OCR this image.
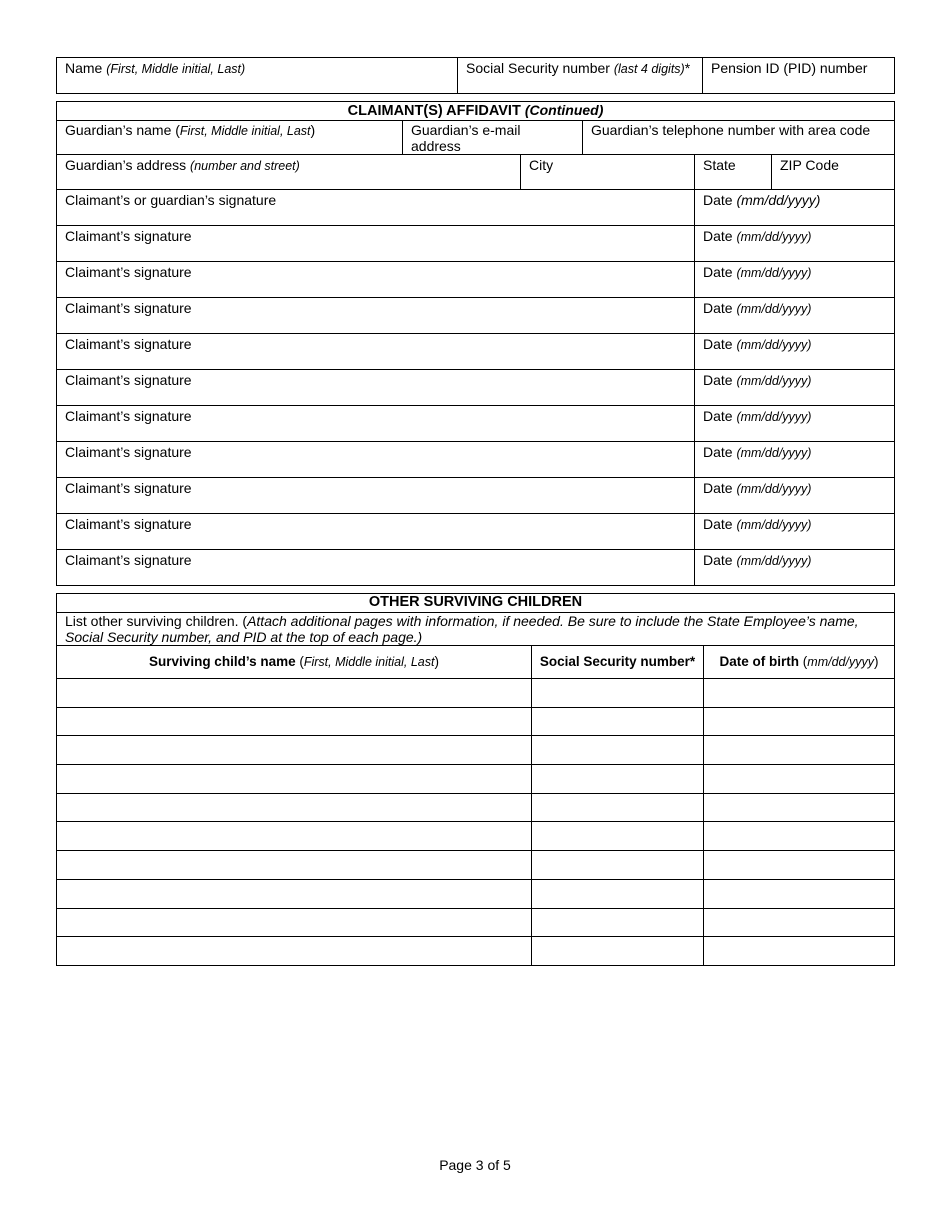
Name (First, Middle initial, Last)	Social Security number (last 4 digits)*	Pension ID (PID) number
CLAIMANT(S) AFFIDAVIT (Continued)					

Guardian’s name (First, Middle initial, Last)	Guardian’s e-mail address		Guardian’s telephone number with area code		

Guardian’s address (number and street)		City		State	ZIP Code

Claimant’s or guardian’s signature				Date (mm/dd/yyyy)	

Claimant’s signature				Date (mm/dd/yyyy)	

Claimant’s signature				Date (mm/dd/yyyy)	

Claimant’s signature				Date (mm/dd/yyyy)	

Claimant’s signature				Date (mm/dd/yyyy)	

Claimant’s signature				Date (mm/dd/yyyy)	

Claimant’s signature				Date (mm/dd/yyyy)	

Claimant’s signature				Date (mm/dd/yyyy)	

Claimant’s signature				Date (mm/dd/yyyy)	

Claimant’s signature				Date (mm/dd/yyyy)	

Claimant’s signature				Date (mm/dd/yyyy)	
OTHER SURVIVING CHILDREN		

List other surviving children. (Attach additional pages with information, if needed. Be sure to include the State Employee’s name, Social Security number, and PID at the top of each page.)		

Surviving child’s name (First, Middle initial, Last)	Social Security number*	Date of birth (mm/dd/yyyy)

Page 3 of 5
